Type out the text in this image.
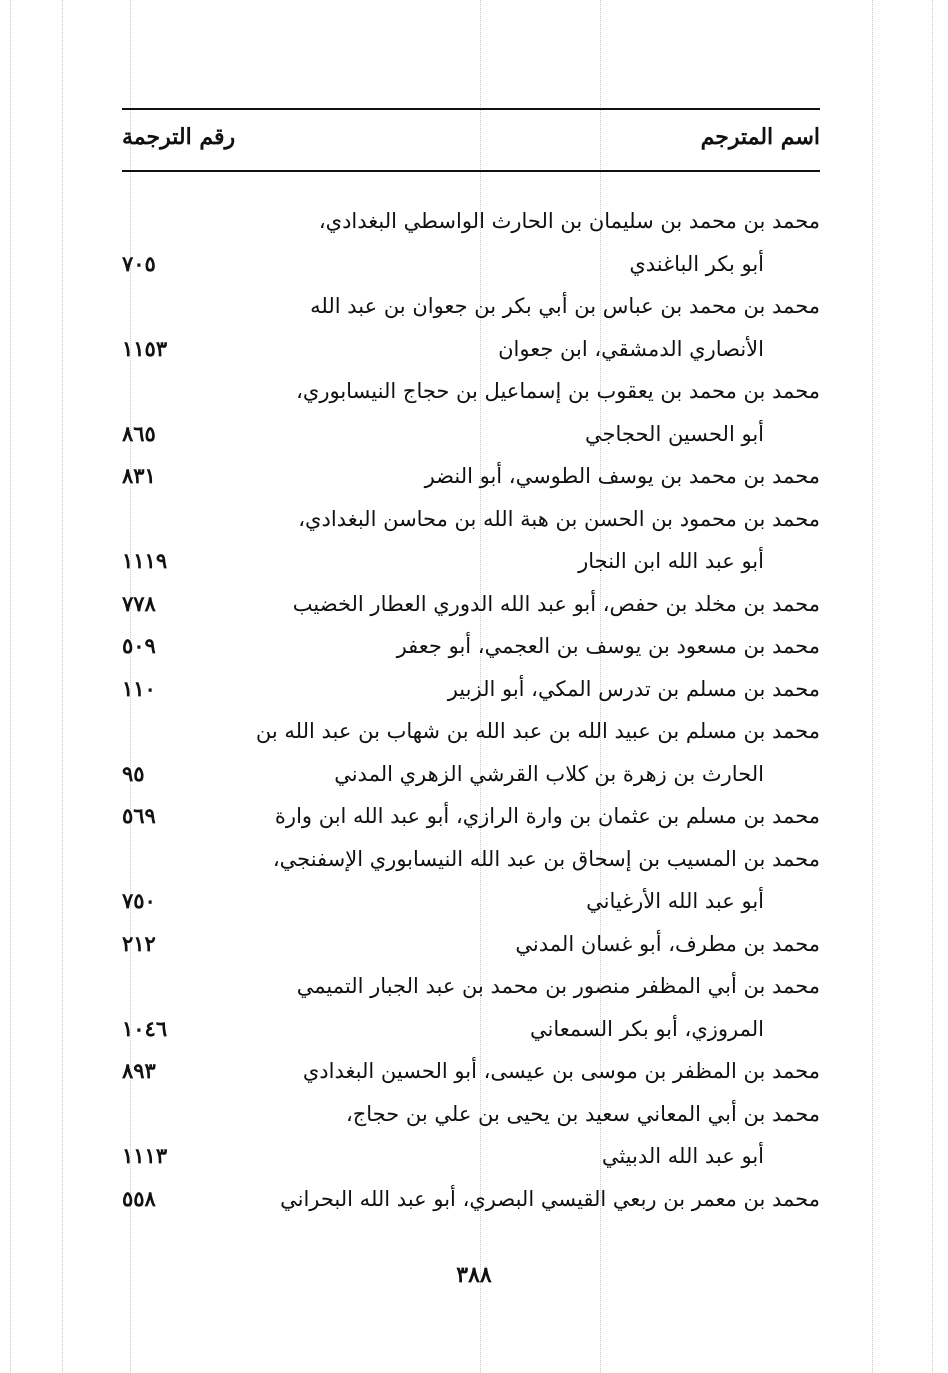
اسم المترجم
رقم الترجمة
محمد بن محمد بن سليمان بن الحارث الواسطي البغدادي،
أبو بكر الباغندي
٧٠٥
محمد بن محمد بن عباس بن أبي بكر بن جعوان بن عبد الله
الأنصاري الدمشقي، ابن جعوان
١١٥٣
محمد بن محمد بن يعقوب بن إسماعيل بن حجاج النيسابوري،
أبو الحسين الحجاجي
٨٦٥
محمد بن محمد بن يوسف الطوسي، أبو النضر
٨٣١
محمد بن محمود بن الحسن بن هبة الله بن محاسن البغدادي،
أبو عبد الله ابن النجار
١١١٩
محمد بن مخلد بن حفص، أبو عبد الله الدوري العطار الخضيب
٧٧٨
محمد بن مسعود بن يوسف بن العجمي، أبو جعفر
٥٠٩
محمد بن مسلم بن تدرس المكي، أبو الزبير
١١٠
محمد بن مسلم بن عبيد الله بن عبد الله بن شهاب بن عبد الله بن
الحارث بن زهرة بن كلاب القرشي الزهري المدني
٩٥
محمد بن مسلم بن عثمان بن وارة الرازي، أبو عبد الله ابن وارة
٥٦٩
محمد بن المسيب بن إسحاق بن عبد الله النيسابوري الإسفنجي،
أبو عبد الله الأرغياني
٧٥٠
محمد بن مطرف، أبو غسان المدني
٢١٢
محمد بن أبي المظفر منصور بن محمد بن عبد الجبار التميمي
المروزي، أبو بكر السمعاني
١٠٤٦
محمد بن المظفر بن موسى بن عيسى، أبو الحسين البغدادي
٨٩٣
محمد بن أبي المعاني سعيد بن يحيى بن علي بن حجاج،
أبو عبد الله الدبيثي
١١١٣
محمد بن معمر بن ربعي القيسي البصري، أبو عبد الله البحراني
٥٥٨
٣٨٨
